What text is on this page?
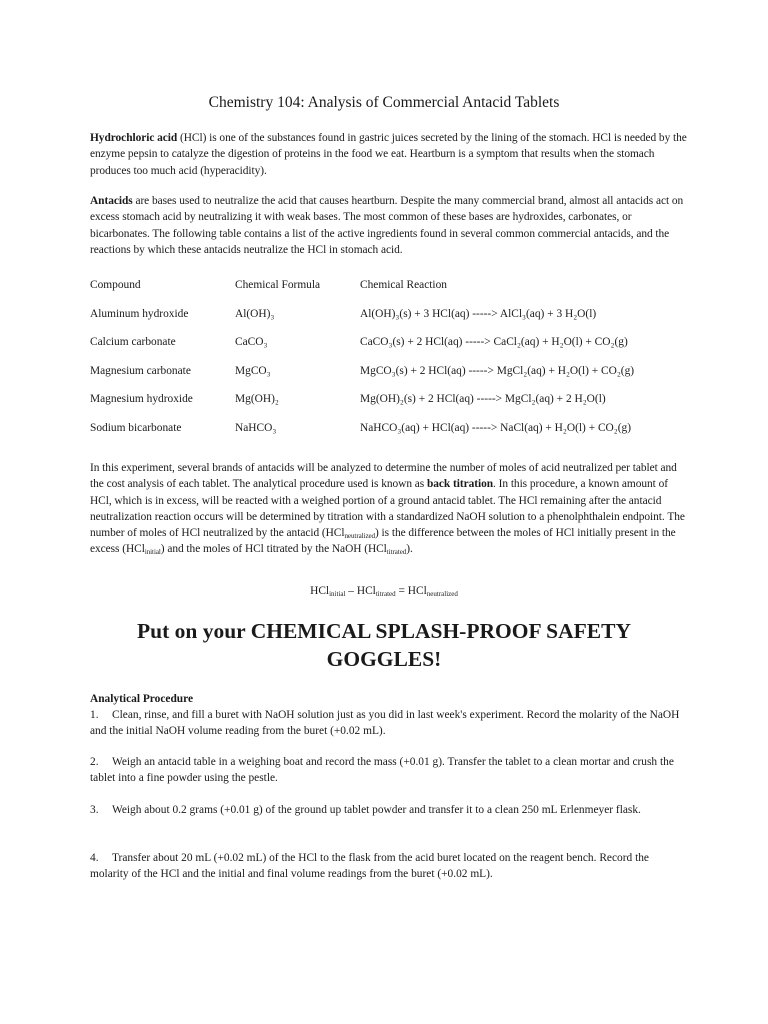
Chemistry 104: Analysis of Commercial Antacid Tablets
Hydrochloric acid (HCl) is one of the substances found in gastric juices secreted by the lining of the stomach. HCl is needed by the enzyme pepsin to catalyze the digestion of proteins in the food we eat. Heartburn is a symptom that results when the stomach produces too much acid (hyperacidity).
Antacids are bases used to neutralize the acid that causes heartburn. Despite the many commercial brand, almost all antacids act on excess stomach acid by neutralizing it with weak bases. The most common of these bases are hydroxides, carbonates, or bicarbonates. The following table contains a list of the active ingredients found in several common commercial antacids, and the reactions by which these antacids neutralize the HCl in stomach acid.
Compound	Chemical Formula	Chemical Reaction
Aluminum hydroxide	Al(OH)₃	Al(OH)₃(s) + 3 HCl(aq) -----> AlCl₃(aq) + 3 H₂O(l)
Calcium carbonate	CaCO₃	CaCO₃(s) + 2 HCl(aq) -----> CaCl₂(aq) + H₂O(l) + CO₂(g)
Magnesium carbonate	MgCO₃	MgCO₃(s) + 2 HCl(aq) -----> MgCl₂(aq) + H₂O(l) + CO₂(g)
Magnesium hydroxide	Mg(OH)₂	Mg(OH)₂(s) + 2 HCl(aq) -----> MgCl₂(aq) + 2 H₂O(l)
Sodium bicarbonate	NaHCO₃	NaHCO₃(aq) + HCl(aq) -----> NaCl(aq) + H₂O(l) + CO₂(g)
In this experiment, several brands of antacids will be analyzed to determine the number of moles of acid neutralized per tablet and the cost analysis of each tablet. The analytical procedure used is known as back titration. In this procedure, a known amount of HCl, which is in excess, will be reacted with a weighed portion of a ground antacid tablet. The HCl remaining after the antacid neutralization reaction occurs will be determined by titration with a standardized NaOH solution to a phenolphthalein endpoint. The number of moles of HCl neutralized by the antacid (HCl$_{neutralized}$) is the difference between the moles of HCl initially present in the excess (HCl$_{initial}$) and the moles of HCl titrated by the NaOH (HCl$_{titrated}$).
HCl$_{initial}$ – HCl$_{titrated}$ = HCl$_{neutralized}$
Put on your CHEMICAL SPLASH-PROOF SAFETY
GOGGLES!
Analytical Procedure
1. Clean, rinse, and fill a buret with NaOH solution just as you did in last week's experiment. Record the molarity of the NaOH and the initial NaOH volume reading from the buret (+0.02 mL).
2. Weigh an antacid table in a weighing boat and record the mass (+0.01 g). Transfer the tablet to a clean mortar and crush the tablet into a fine powder using the pestle.
3. Weigh about 0.2 grams (+0.01 g) of the ground up tablet powder and transfer it to a clean 250 mL Erlenmeyer flask.
4. Transfer about 20 mL (+0.02 mL) of the HCl to the flask from the acid buret located on the reagent bench. Record the molarity of the HCl and the initial and final volume readings from the buret (+0.02 mL).
